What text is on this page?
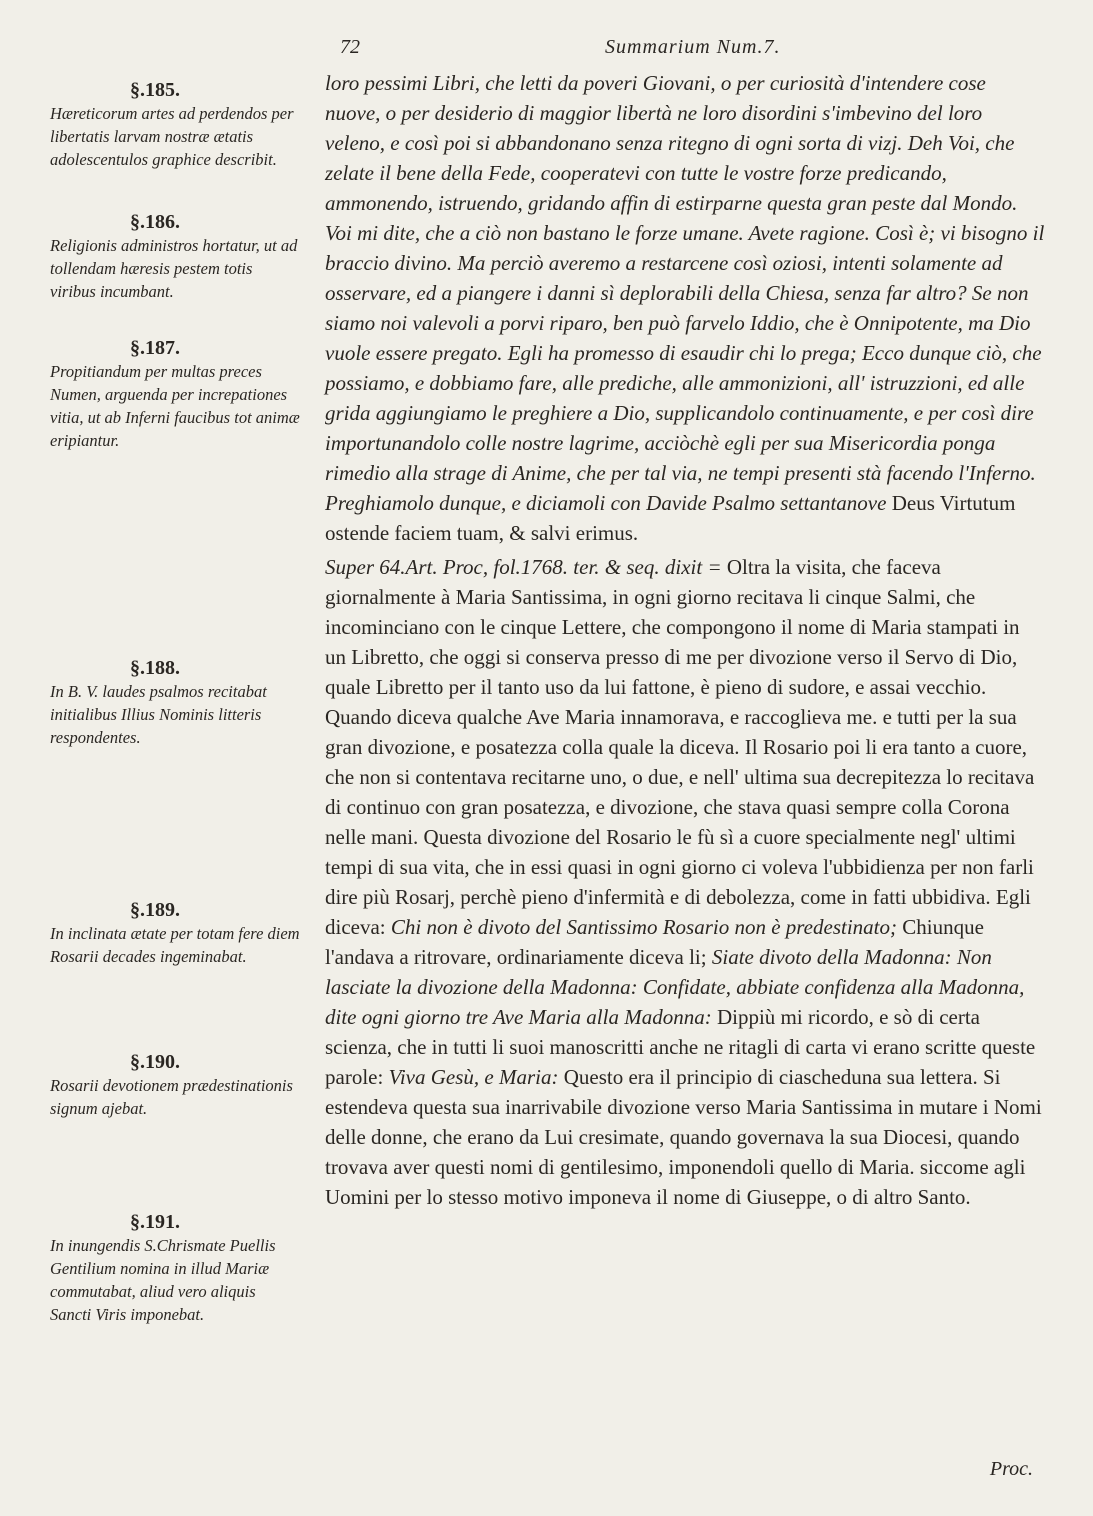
72	Summarium Num.7.
§.185.
Hæreticorum artes ad perdendos per libertatis larvam nostræ ætatis adolescentulos graphice describit.
§.186.
Religionis administros hortatur, ut ad tollendam hæresis pestem totis viribus incumbant.
§.187.
Propitiandum per multas preces Numen, arguenda per increpationes vitia, ut ab Inferni faucibus tot animæ eripiantur.
§.188.
In B. V. laudes psalmos recitabat initialibus Illius Nominis litteris respondentes.
§.189.
In inclinata ætate per totam fere diem Rosarii decades ingeminabat.
§.190.
Rosarii devotionem prædestinationis signum ajebat.
§.191.
In inungendis S.Chrismate Puellis Gentilium nomina in illud Mariæ commutabat, aliud vero aliquis Sancti Viris imponebat.
loro pessimi Libri, che letti da poveri Giovani, o per curiosità d'intendere cose nuove, o per desiderio di maggior libertà ne loro disordini s'imbevino del loro veleno, e così poi si abbandonano senza ritegno di ogni sorta di vizj. Deh Voi, che zelate il bene della Fede, cooperatevi con tutte le vostre forze predicando, ammonendo, istruendo, gridando affin di estirparne questa gran peste dal Mondo. Voi mi dite, che a ciò non bastano le forze umane. Avete ragione. Così è; vi bisogno il braccio divino. Ma perciò averemo a restarcene così oziosi, intenti solamente ad osservare, ed a piangere i danni sì deplorabili della Chiesa, senza far altro? Se non siamo noi valevoli a porvi riparo, ben può farvelo Iddio, che è Onnipotente, ma Dio vuole essere pregato. Egli ha promesso di esaudir chi lo prega; Ecco dunque ciò, che possiamo, e dobbiamo fare, alle prediche, alle ammonizioni, all' istruzzioni, ed alle grida aggiungiamo le preghiere a Dio, supplicandolo continuamente, e per così dire importunandolo colle nostre lagrime, acciòchè egli per sua Misericordia ponga rimedio alla strage di Anime, che per tal via, ne tempi presenti stà facendo l'Inferno. Preghiamolo dunque, e diciamoli con Davide Psalmo settantanove Deus Virtutum ostende faciem tuam, & salvi erimus.
Super 64.Art. Proc, fol.1768. ter. & seq. dixit = Oltra la visita, che faceva giornalmente à Maria Santissima, in ogni giorno recitava li cinque Salmi, che incominciano con le cinque Lettere, che compongono il nome di Maria stampati in un Libretto, che oggi si conserva presso di me per divozione verso il Servo di Dio, quale Libretto per il tanto uso da lui fattone, è pieno di sudore, e assai vecchio. Quando diceva qualche Ave Maria innamorava, e raccoglieva me. e tutti per la sua gran divozione, e posatezza colla quale la diceva. Il Rosario poi li era tanto a cuore, che non si contentava recitarne uno, o due, e nell' ultima sua decrepitezza lo recitava di continuo con gran posatezza, e divozione, che stava quasi sempre colla Corona nelle mani. Questa divozione del Rosario le fù sì a cuore specialmente negl' ultimi tempi di sua vita, che in essi quasi in ogni giorno ci voleva l'ubbidienza per non farli dire più Rosarj, perchè pieno d'infermità e di debolezza, come in fatti ubbidiva. Egli diceva: Chi non è divoto del Santissimo Rosario non è predestinato; Chiunque l'andava a ritrovare, ordinariamente diceva li; Siate divoto della Madonna: Non lasciate la divozione della Madonna: Confidate, abbiate confidenza alla Madonna, dite ogni giorno tre Ave Maria alla Madonna: Dippiù mi ricordo, e sò di certa scienza, che in tutti li suoi manoscritti anche ne ritagli di carta vi erano scritte queste parole: Viva Gesù, e Maria: Questo era il principio di ciascheduna sua lettera. Si estendeva questa sua inarrivabile divozione verso Maria Santissima in mutare i Nomi delle donne, che erano da Lui cresimate, quando governava la sua Diocesi, quando trovava aver questi nomi di gentilesimo, imponendoli quello di Maria. siccome agli Uomini per lo stesso motivo imponeva il nome di Giuseppe, o di altro Santo.
Proc.
